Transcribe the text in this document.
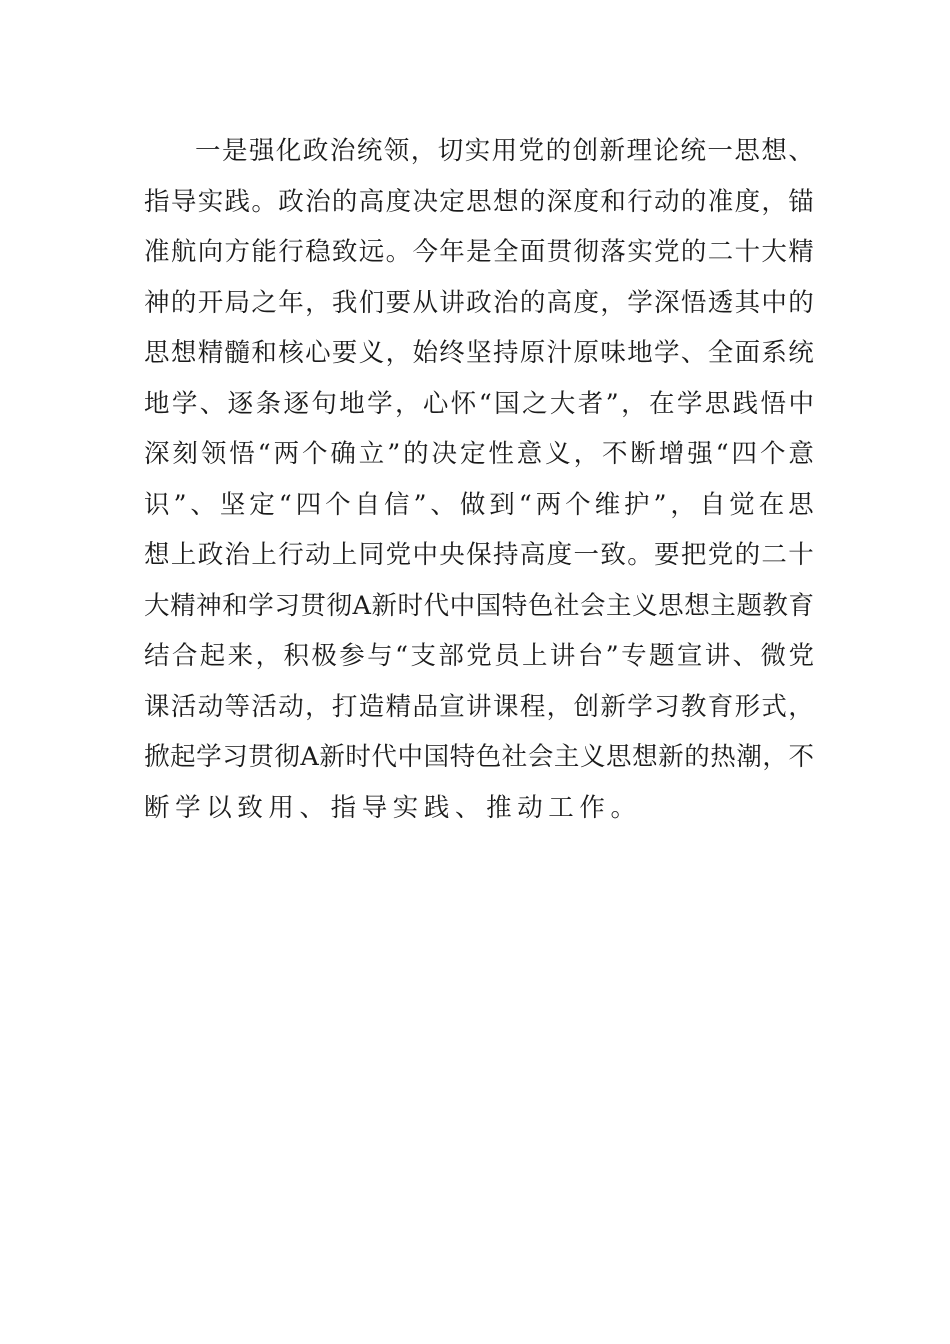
一 是 强 化 政 治 统 领 ， 切 实 用 党 的 创 新 理 论 统 一 思 想 、
指 导 实 践 。 政 治 的 高 度 决 定 思 想 的 深 度 和 行 动 的 准 度 ， 锚
准 航 向 方 能 行 稳 致 远 。 今 年 是 全 面 贯 彻 落 实 党 的 二 十 大 精
神 的 开 局 之 年 ， 我 们 要 从 讲 政 治 的 高 度 ， 学 深 悟 透 其 中 的
思 想 精 髓 和 核 心 要 义 ， 始 终 坚 持 原 汁 原 味 地 学 、 全 面 系 统
地 学 、 逐 条 逐 句 地 学 ， 心 怀 “ 国 之 大 者 ” ， 在 学 思 践 悟 中
深 刻 领 悟 “ 两 个 确 立 ” 的 决 定 性 意 义 ， 不 断 增 强 “ 四 个 意
识 ” 、 坚 定 “ 四 个 自 信 ” 、 做 到 “ 两 个 维 护 ” ， 自 觉 在 思
想 上 政 治 上 行 动 上 同 党 中 央 保 持 高 度 一 致 。 要 把 党 的 二 十
大 精 神 和 学 习 贯 彻 A 新 时 代 中 国 特 色 社 会 主 义 思 想 主 题 教 育
结 合 起 来 ， 积 极 参 与 “ 支 部 党 员 上 讲 台 ” 专 题 宣 讲 、 微 党
课 活 动 等 活 动 ， 打 造 精 品 宣 讲 课 程 ， 创 新 学 习 教 育 形 式 ，
掀 起 学 习 贯 彻 A 新 时 代 中 国 特 色 社 会 主 义 思 想 新 的 热 潮 ， 不
断学以致用、指导实践、推动工作。
